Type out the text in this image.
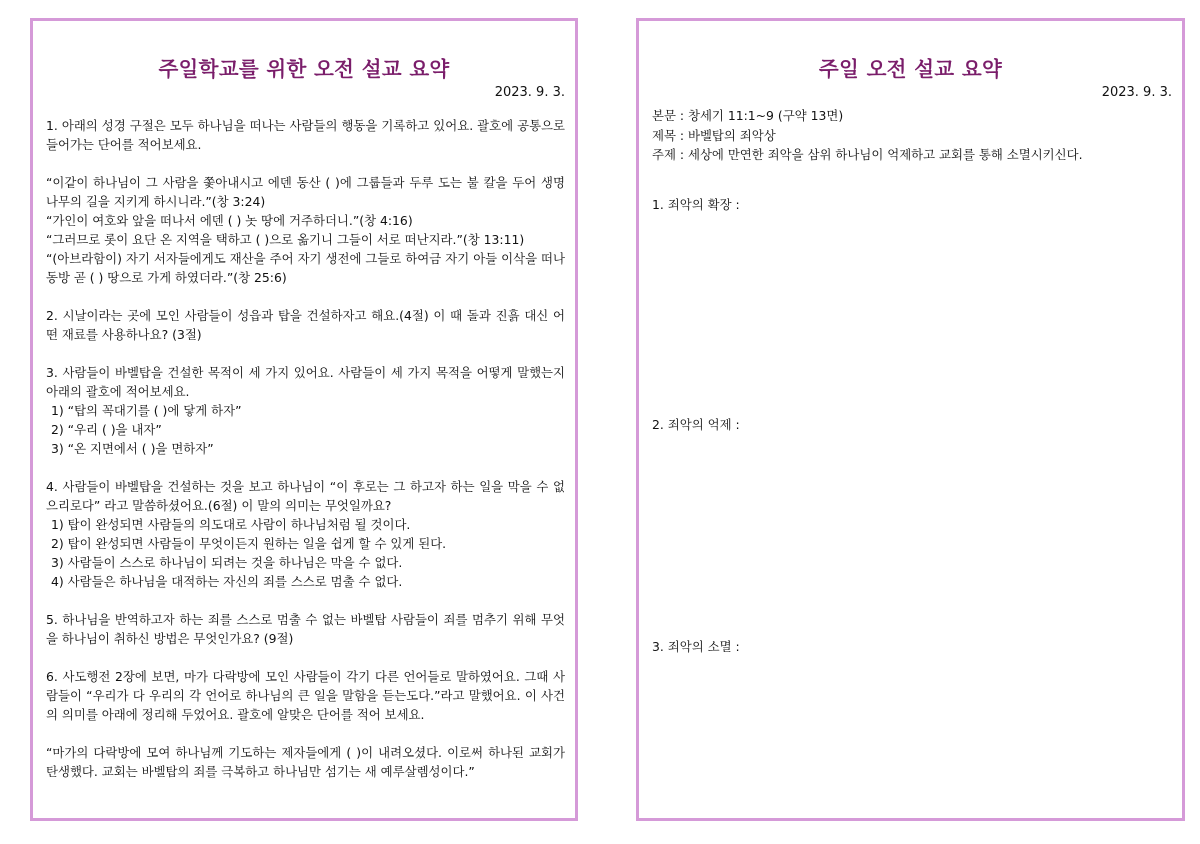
주일학교를 위한 오전 설교 요약
2023. 9. 3.
1. 아래의 성경 구절은 모두 하나님을 떠나는 사람들의 행동을 기록하고 있어요. 괄호에 공통으로 들어가는 단어를 적어보세요.
“이같이 하나님이 그 사람을 쫓아내시고 에덴 동산 ( )에 그룹들과 두루 도는 불 칼을 두어 생명 나무의 길을 지키게 하시니라.”(창 3:24)
“가인이 여호와 앞을 떠나서 에덴 ( ) 놋 땅에 거주하더니.”(창 4:16)
“그러므로 롯이 요단 온 지역을 택하고 ( )으로 옮기니 그들이 서로 떠난지라.”(창 13:11)
“(아브라함이) 자기 서자들에게도 재산을 주어 자기 생전에 그들로 하여금 자기 아들 이삭을 떠나 동방 곧 ( ) 땅으로 가게 하였더라.”(창 25:6)
2. 시날이라는 곳에 모인 사람들이 성읍과 탑을 건설하자고 해요.(4절) 이 때 돌과 진흙 대신 어떤 재료를 사용하나요? (3절)
3. 사람들이 바벨탑을 건설한 목적이 세 가지 있어요. 사람들이 세 가지 목적을 어떻게 말했는지 아래의 괄호에 적어보세요.
1) “탑의 꼭대기를 ( )에 닿게 하자”
2) “우리 ( )을 내자”
3) “온 지면에서 ( )을 면하자”
4. 사람들이 바벨탑을 건설하는 것을 보고 하나님이 “이 후로는 그 하고자 하는 일을 막을 수 없으리로다” 라고 말씀하셨어요.(6절) 이 말의 의미는 무엇일까요?
1) 탑이 완성되면 사람들의 의도대로 사람이 하나님처럼 될 것이다.
2) 탑이 완성되면 사람들이 무엇이든지 원하는 일을 쉽게 할 수 있게 된다.
3) 사람들이 스스로 하나님이 되려는 것을 하나님은 막을 수 없다.
4) 사람들은 하나님을 대적하는 자신의 죄를 스스로 멈출 수 없다.
5. 하나님을 반역하고자 하는 죄를 스스로 멈출 수 없는 바벨탑 사람들이 죄를 멈추기 위해 무엇을 하나님이 취하신 방법은 무엇인가요? (9절)
6. 사도행전 2장에 보면, 마가 다락방에 모인 사람들이 각기 다른 언어들로 말하였어요. 그때 사람들이 “우리가 다 우리의 각 언어로 하나님의 큰 일을 말함을 듣는도다.”라고 말했어요. 이 사건의 의미를 아래에 정리해 두었어요. 괄호에 알맞은 단어를 적어 보세요.
“마가의 다락방에 모여 하나님께 기도하는 제자들에게 ( )이 내려오셨다. 이로써 하나된 교회가 탄생했다. 교회는 바벨탑의 죄를 극복하고 하나님만 섬기는 새 예루살렘성이다.”
주일 오전 설교 요약
2023. 9. 3.
본문 : 창세기 11:1~9 (구약 13면)
제목 : 바벨탑의 죄악상
주제 : 세상에 만연한 죄악을 삼위 하나님이 억제하고 교회를 통해 소멸시키신다.
1. 죄악의 확장 :
2. 죄악의 억제 :
3. 죄악의 소멸 :
